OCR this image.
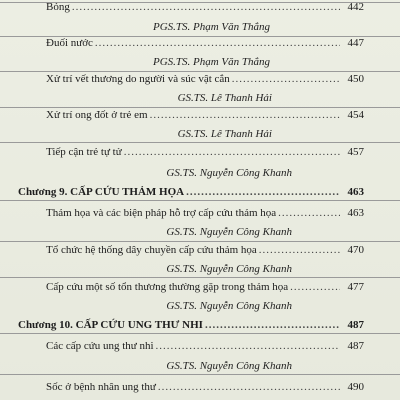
Bỏng .....	442
PGS.TS. Phạm Văn Thắng
Đuối nước .....	447
PGS.TS. Phạm Văn Thắng
Xử trí vết thương do người và súc vật cắn .....	450
GS.TS. Lê Thanh Hải
Xử trí ong đốt ở trẻ em .....	454
GS.TS. Lê Thanh Hải
Tiếp cận trẻ tự tử .....	457
GS.TS. Nguyễn Công Khanh
Chương 9. CẤP CỨU THẢM HỌA .....	463
Thảm họa và các biện pháp hỗ trợ cấp cứu thảm họa .....	463
GS.TS. Nguyễn Công Khanh
Tổ chức hệ thống dây chuyền cấp cứu thảm họa .....	470
GS.TS. Nguyễn Công Khanh
Cấp cứu một số tổn thương thường gặp trong thảm họa .....	477
GS.TS. Nguyễn Công Khanh
Chương 10. CẤP CỨU UNG THƯ NHI .....	487
Các cấp cứu ung thư nhi .....	487
GS.TS. Nguyễn Công Khanh
Sốc ở bệnh nhân ung thư .....	490
